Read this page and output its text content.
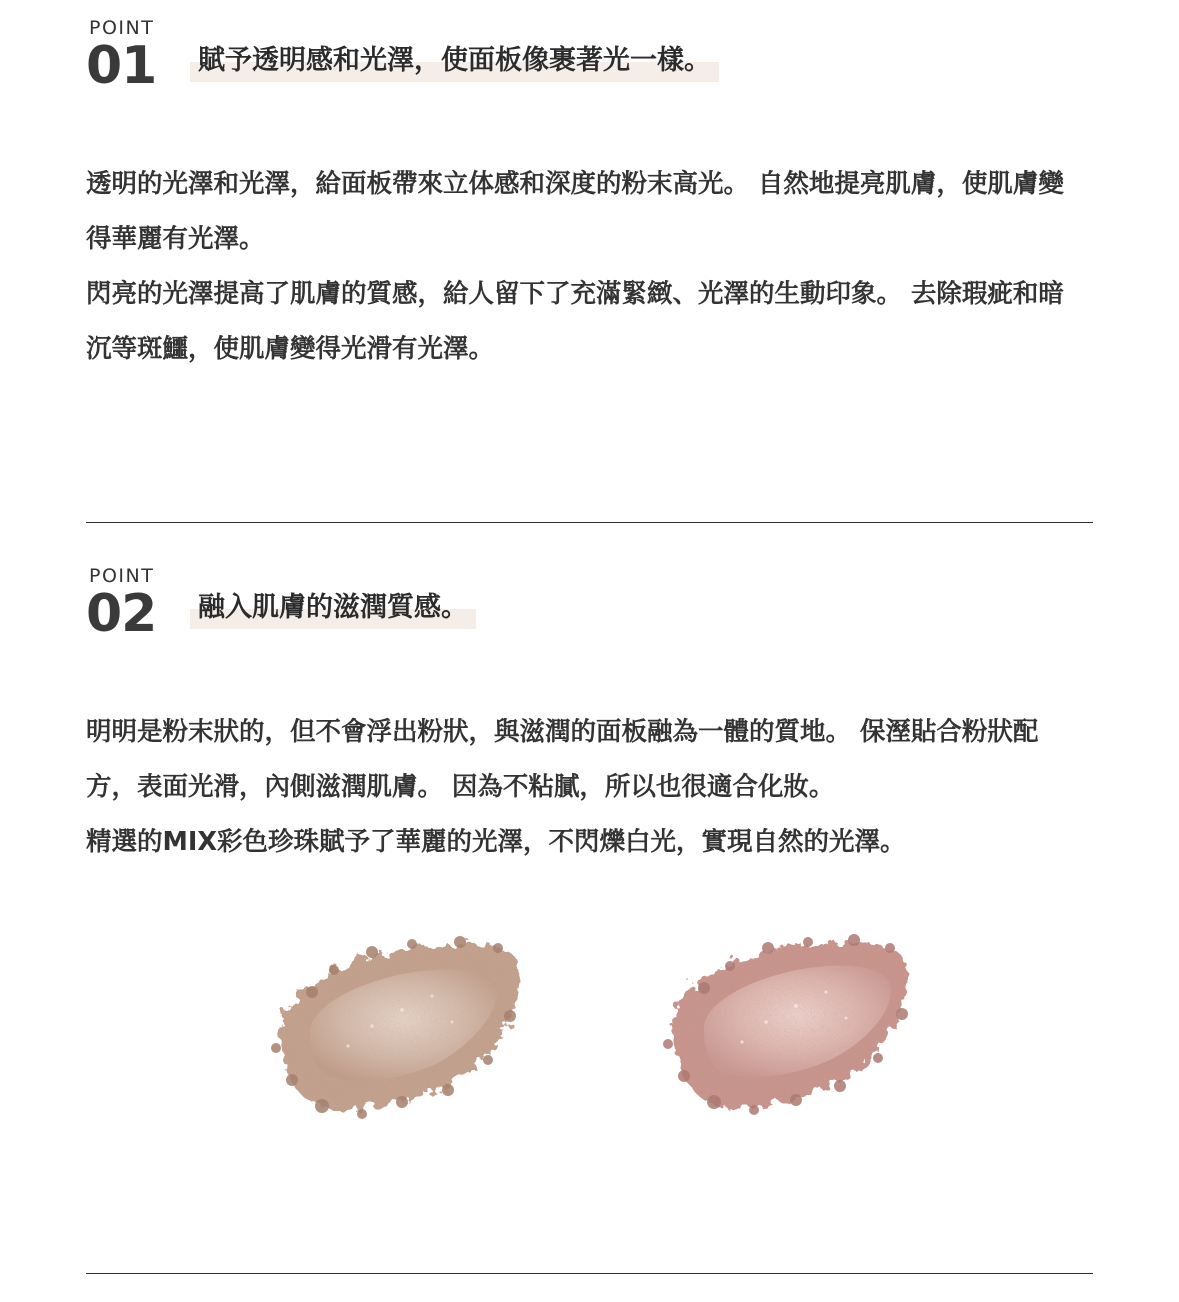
POINT
01 賦予透明感和光澤，使面板像裹著光一樣。

透明的光澤和光澤，給面板帶來立体感和深度的粉末高光。 自然地提亮肌膚，使肌膚變得華麗有光澤。

閃亮的光澤提高了肌膚的質感，給人留下了充滿緊緻、光澤的生動印象。 去除瑕疵和暗沉等斑鱷，使肌膚變得光滑有光澤。

POINT
02 融入肌膚的滋潤質感。

明明是粉末狀的，但不會浮出粉狀，與滋潤的面板融為一體的質地。 保溼貼合粉狀配方，表面光滑，內側滋潤肌膚。 因為不粘膩，所以也很適合化妝。

精選的MIX彩色珍珠賦予了華麗的光澤，不閃爍白光，實現自然的光澤。
